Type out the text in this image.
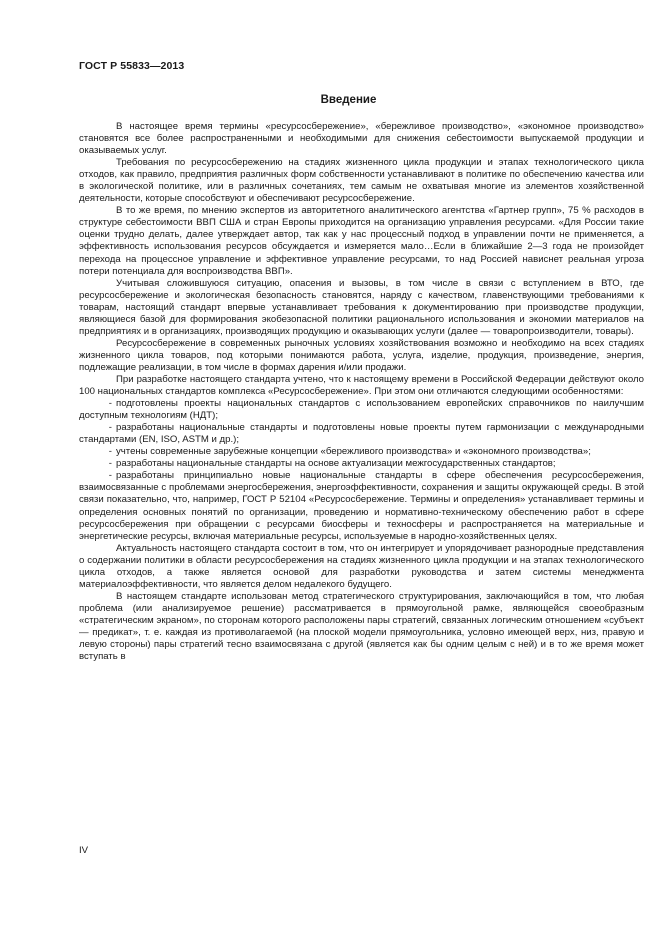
ГОСТ Р 55833—2013
Введение

В настоящее время термины «ресурсосбережение», «бережливое производство», «экономное производство» становятся все более распространенными и необходимыми для снижения себестоимости выпускаемой продукции и оказываемых услуг.

Требования по ресурсосбережению на стадиях жизненного цикла продукции и этапах технологического цикла отходов, как правило, предприятия различных форм собственности устанавливают в политике по обеспечению качества или в экологической политике, или в различных сочетаниях, тем самым не охватывая многие из элементов хозяйственной деятельности, которые способствуют и обеспечивают ресурсосбережение.

В то же время, по мнению экспертов из авторитетного аналитического агентства «Гартнер групп», 75 % расходов в структуре себестоимости ВВП США и стран Европы приходится на организацию управления ресурсами. «Для России такие оценки трудно делать, далее утверждает автор, так как у нас процессный подход в управлении почти не применяется, а эффективность использования ресурсов обсуждается и измеряется мало…Если в ближайшие 2—3 года не произойдет перехода на процессное управление и эффективное управление ресурсами, то над Россией нависнет реальная угроза потери потенциала для воспроизводства ВВП».

Учитывая сложившуюся ситуацию, опасения и вызовы, в том числе в связи с вступлением в ВТО, где ресурсосбережение и экологическая безопасность становятся, наряду с качеством, главенствующими требованиями к товарам, настоящий стандарт впервые устанавливает требования к документированию при производстве продукции, являющиеся базой для формирования экобезопасной политики рационального использования и экономии материалов на предприятиях и в организациях, производящих продукцию и оказывающих услуги (далее — товаропроизводители, товары).

Ресурсосбережение в современных рыночных условиях хозяйствования возможно и необходимо на всех стадиях жизненного цикла товаров, под которыми понимаются работа, услуга, изделие, продукция, произведение, энергия, подлежащие реализации, в том числе в формах дарения и/или продажи.

При разработке настоящего стандарта учтено, что к настоящему времени в Российской Федерации действуют около 100 национальных стандартов комплекса «Ресурсосбережение». При этом они отличаются следующими особенностями:

- подготовлены проекты национальных стандартов с использованием европейских справочников по наилучшим доступным технологиям (НДТ);

- разработаны национальные стандарты и подготовлены новые проекты путем гармонизации с международными стандартами (EN, ISO, ASTM и др.);

- учтены современные зарубежные концепции «бережливого производства» и «экономного производства»;

- разработаны национальные стандарты на основе актуализации межгосударственных стандартов;

- разработаны принципиально новые национальные стандарты в сфере обеспечения ресурсосбережения, взаимосвязанные с проблемами энергосбережения, энергоэффективности, сохранения и защиты окружающей среды. В этой связи показательно, что, например, ГОСТ Р 52104 «Ресурсосбережение. Термины и определения» устанавливает термины и определения основных понятий по организации, проведению и нормативно-техническому обеспечению работ в сфере ресурсосбережения при обращении с ресурсами биосферы и техносферы и распространяется на материальные и энергетические ресурсы, включая материальные ресурсы, используемые в народно-хозяйственных целях.

Актуальность настоящего стандарта состоит в том, что он интегрирует и упорядочивает разнородные представления о содержании политики в области ресурсосбережения на стадиях жизненного цикла продукции и на этапах технологического цикла отходов, а также является основой для разработки руководства и затем системы менеджмента материалоэффективности, что является делом недалекого будущего.

В настоящем стандарте использован метод стратегического структурирования, заключающийся в том, что любая проблема (или анализируемое решение) рассматривается в прямоугольной рамке, являющейся своеобразным «стратегическим экраном», по сторонам которого расположены пары стратегий, связанных логическим отношением «субъект — предикат», т. е. каждая из противолагаемой (на плоской модели прямоугольника, условно имеющей верх, низ, правую и левую стороны) пары стратегий тесно взаимосвязана с другой (является как бы одним целым с ней) и в то же время может вступать в

IV
